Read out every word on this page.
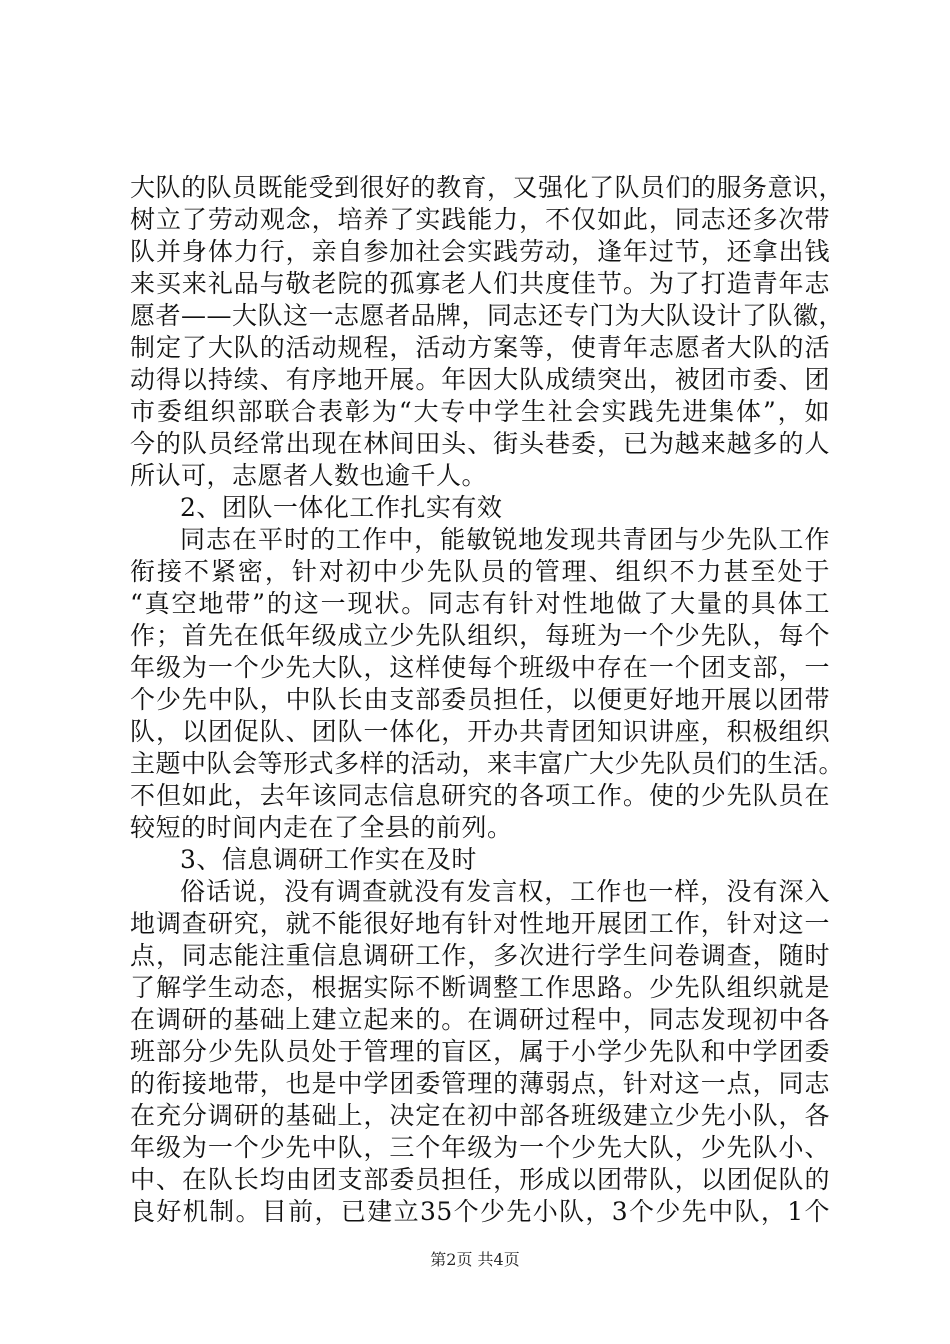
大队的队员既能受到很好的教育，又强化了队员们的服务意识，
树立了劳动观念，培养了实践能力，不仅如此，同志还多次带
队并身体力行，亲自参加社会实践劳动，逢年过节，还拿出钱
来买来礼品与敬老院的孤寡老人们共度佳节。为了打造青年志
愿者——大队这一志愿者品牌，同志还专门为大队设计了队徽，
制定了大队的活动规程，活动方案等，使青年志愿者大队的活
动得以持续、有序地开展。年因大队成绩突出，被团市委、团
市委组织部联合表彰为“大专中学生社会实践先进集体”，如
今的队员经常出现在林间田头、街头巷委，已为越来越多的人
所认可，志愿者人数也逾千人。
2、团队一体化工作扎实有效
同志在平时的工作中，能敏锐地发现共青团与少先队工作
衔接不紧密，针对初中少先队员的管理、组织不力甚至处于
“真空地带”的这一现状。同志有针对性地做了大量的具体工
作；首先在低年级成立少先队组织，每班为一个少先队，每个
年级为一个少先大队，这样使每个班级中存在一个团支部，一
个少先中队，中队长由支部委员担任，以便更好地开展以团带
队，以团促队、团队一体化，开办共青团知识讲座，积极组织
主题中队会等形式多样的活动，来丰富广大少先队员们的生活。
不但如此，去年该同志信息研究的各项工作。使的少先队员在
较短的时间内走在了全县的前列。
3、信息调研工作实在及时
俗话说，没有调查就没有发言权，工作也一样，没有深入
地调查研究，就不能很好地有针对性地开展团工作，针对这一
点，同志能注重信息调研工作，多次进行学生问卷调查，随时
了解学生动态，根据实际不断调整工作思路。少先队组织就是
在调研的基础上建立起来的。在调研过程中，同志发现初中各
班部分少先队员处于管理的盲区，属于小学少先队和中学团委
的衔接地带，也是中学团委管理的薄弱点，针对这一点，同志
在充分调研的基础上，决定在初中部各班级建立少先小队，各
年级为一个少先中队，三个年级为一个少先大队，少先队小、
中、在队长均由团支部委员担任，形成以团带队，以团促队的
良好机制。目前，已建立35个少先小队，3个少先中队，1个
第2页 共4页
